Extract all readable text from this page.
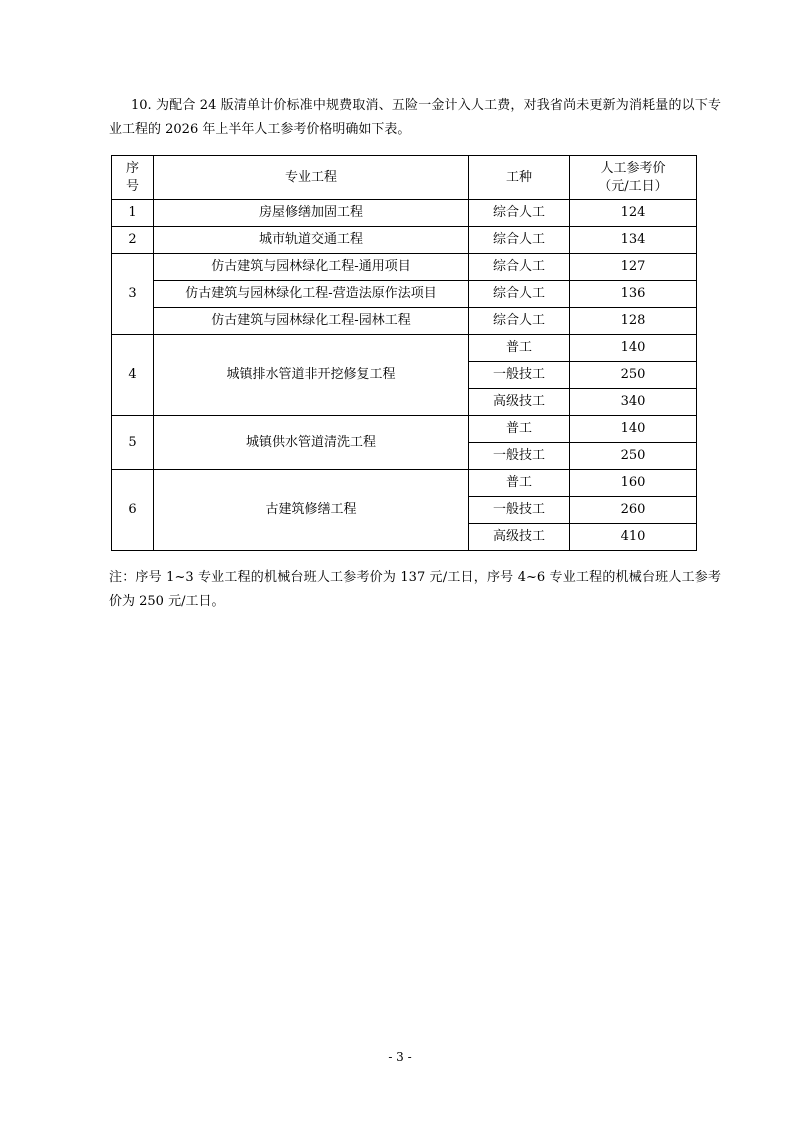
10. 为配合 24 版清单计价标准中规费取消、五险一金计入人工费，对我省尚未更新为消耗量的以下专业工程的 2026 年上半年人工参考价格明确如下表。

序
号	专业工程	工种	人工参考价
（元/工日）
1	房屋修缮加固工程	综合人工	124
2	城市轨道交通工程	综合人工	134
3	仿古建筑与园林绿化工程-通用项目	综合人工	127
	仿古建筑与园林绿化工程-营造法原作法项目	综合人工	136
	仿古建筑与园林绿化工程-园林工程	综合人工	128
4	城镇排水管道非开挖修复工程	普工	140
		一般技工	250
		高级技工	340
5	城镇供水管道清洗工程	普工	140
		一般技工	250
6	古建筑修缮工程	普工	160
		一般技工	260
		高级技工	410

注：序号 1~3 专业工程的机械台班人工参考价为 137 元/工日，序号 4~6 专业工程的机械台班人工参考价为 250 元/工日。

- 3 -
